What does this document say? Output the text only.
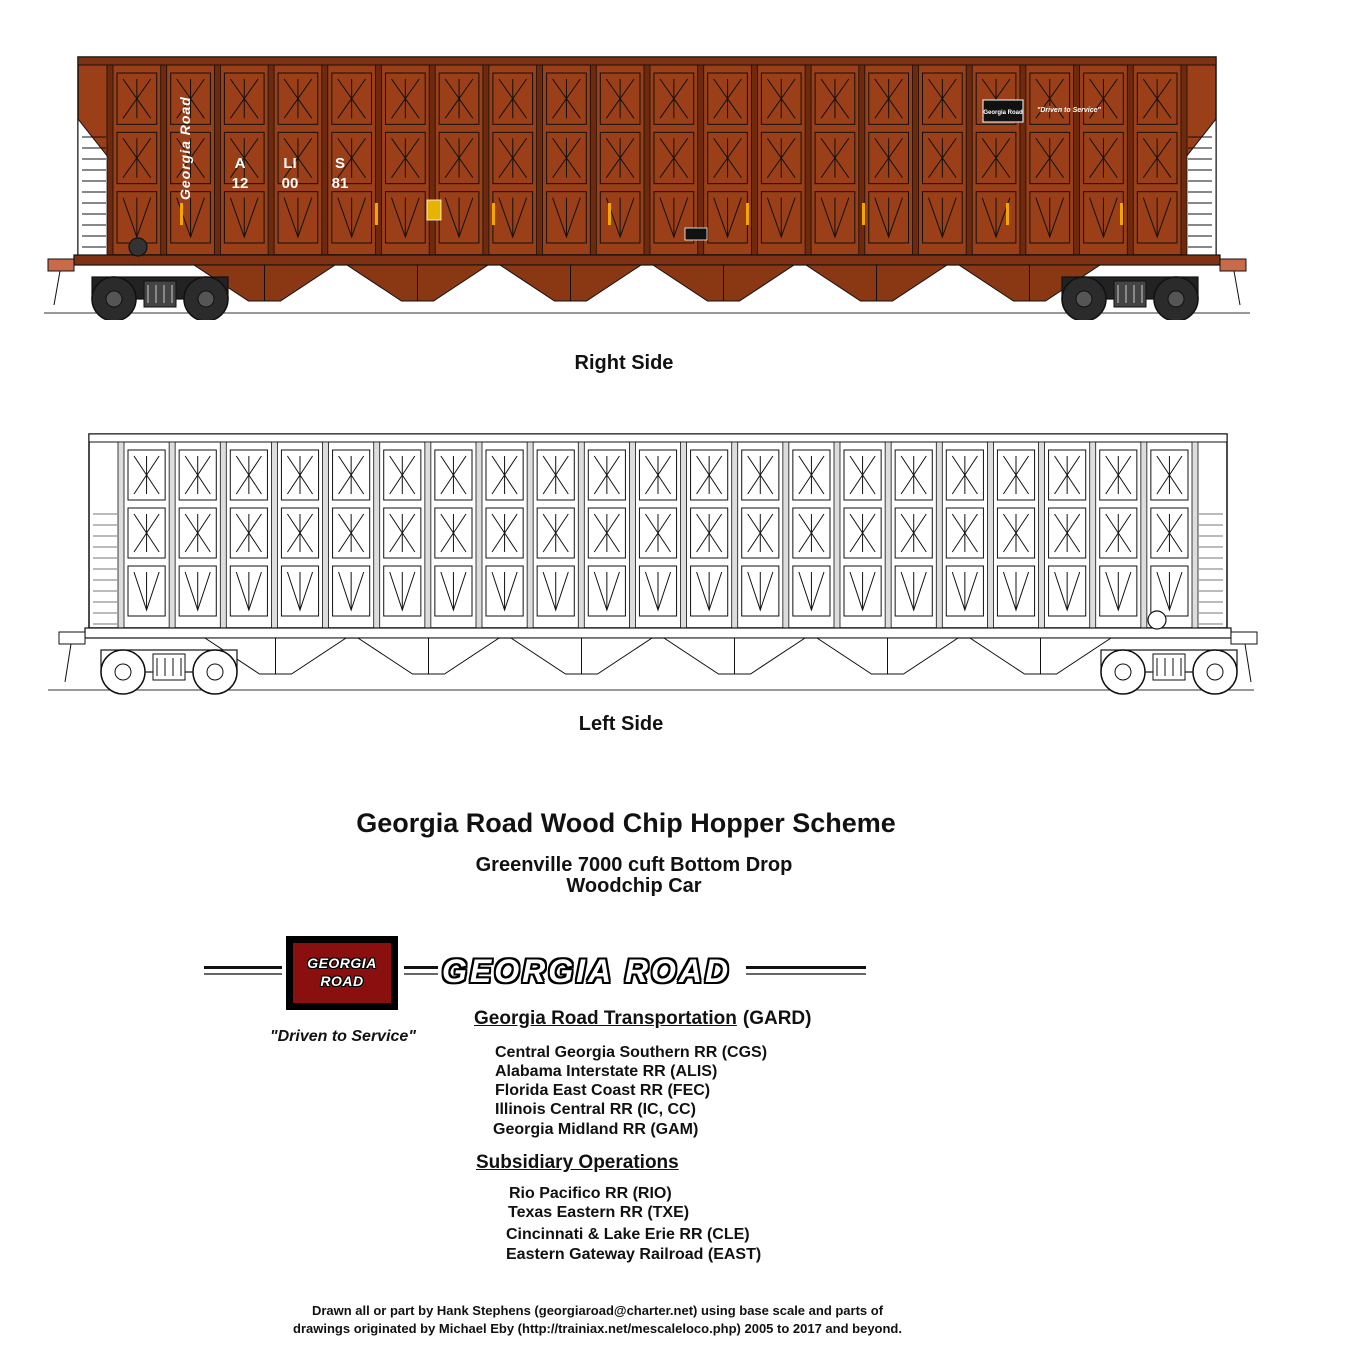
Georgia Road	A	LI	S
12 00 81
Georgia Road "Driven to Service"
Right Side
Left Side
Georgia Road Wood Chip Hopper Scheme
Greenville 7000 cuft Bottom Drop
Woodchip Car
GEORGIA
ROAD	GEORGIA ROAD
"Driven to Service"
Georgia Road Transportation (GARD)
Central Georgia Southern RR (CGS)
Alabama Interstate RR (ALIS)
Florida East Coast RR (FEC)
Illinois Central RR (IC, CC)
Georgia Midland RR (GAM)
Subsidiary Operations
Rio Pacifico RR (RIO)
Texas Eastern RR (TXE)
Cincinnati & Lake Erie RR (CLE)
Eastern Gateway Railroad (EAST)
Drawn all or part by Hank Stephens (georgiaroad@charter.net) using base scale and parts of
drawings originated by Michael Eby (http://trainiax.net/mescaleloco.php) 2005 to 2017 and beyond.
